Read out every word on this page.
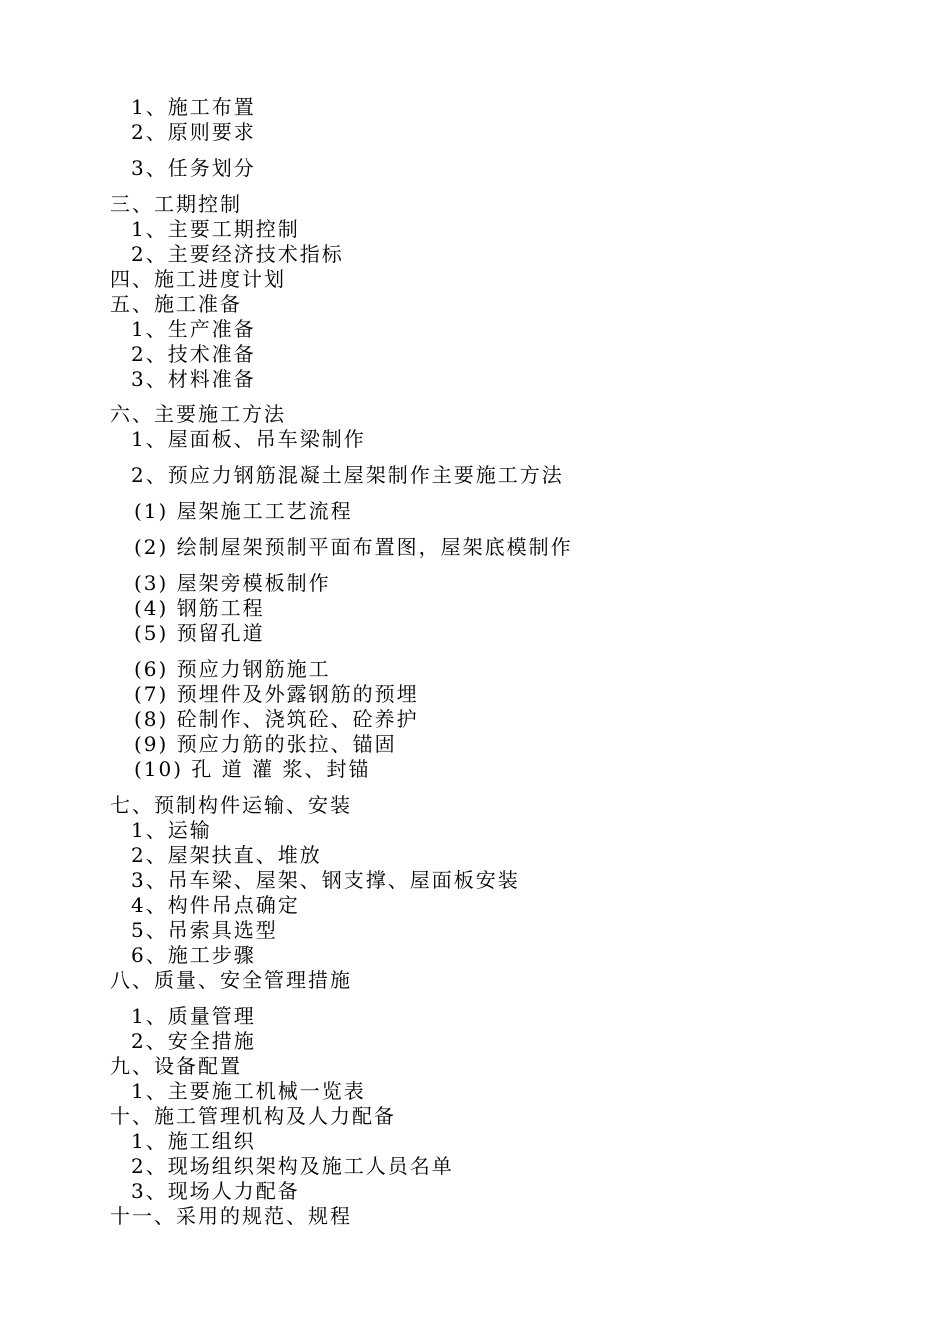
1、施工布置
2、原则要求
3、任务划分
三、工期控制
1、主要工期控制
2、主要经济技术指标
四、施工进度计划
五、施工准备
1、生产准备
2、技术准备
3、材料准备
六、主要施工方法
1、屋面板、吊车梁制作
2、预应力钢筋混凝土屋架制作主要施工方法
(1) 屋架施工工艺流程
(2) 绘制屋架预制平面布置图，屋架底模制作
(3) 屋架旁模板制作
(4) 钢筋工程
(5) 预留孔道
(6) 预应力钢筋施工
(7) 预埋件及外露钢筋的预埋
(8) 砼制作、浇筑砼、砼养护
(9) 预应力筋的张拉、锚固
(10) 孔 道 灌 浆、封锚
七、预制构件运输、安装
1、运输
2、屋架扶直、堆放
3、吊车梁、屋架、钢支撑、屋面板安装
4、构件吊点确定
5、吊索具选型
6、施工步骤
八、质量、安全管理措施
1、质量管理
2、安全措施
九、设备配置
1、主要施工机械一览表
十、施工管理机构及人力配备
1、施工组织
2、现场组织架构及施工人员名单
3、现场人力配备
十一、采用的规范、规程
